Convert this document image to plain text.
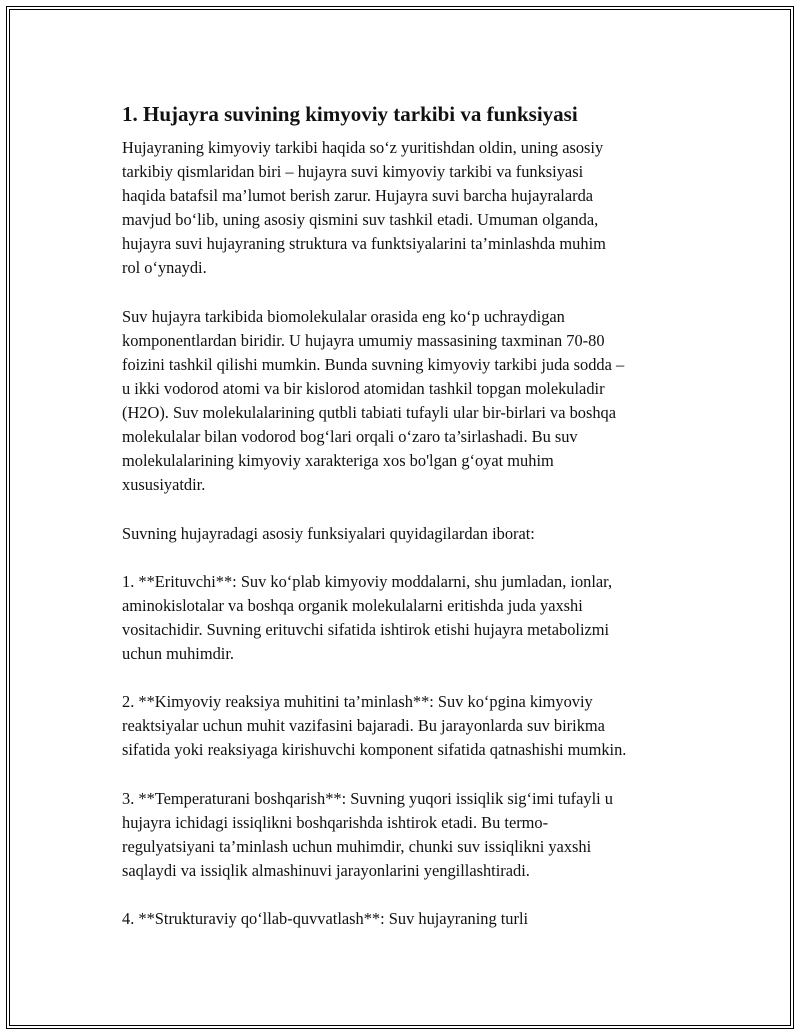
1. Hujayra suvining kimyoviy tarkibi va funksiyasi

Hujayraning kimyoviy tarkibi haqida so‘z yuritishdan oldin, uning asosiy
tarkibiy qismlaridan biri – hujayra suvi kimyoviy tarkibi va funksiyasi
haqida batafsil ma’lumot berish zarur. Hujayra suvi barcha hujayralarda
mavjud bo‘lib, uning asosiy qismini suv tashkil etadi. Umuman olganda,
hujayra suvi hujayraning struktura va funktsiyalarini ta’minlashda muhim
rol o‘ynaydi.

Suv hujayra tarkibida biomolekulalar orasida eng ko‘p uchraydigan
komponentlardan biridir. U hujayra umumiy massasining taxminan 70-80
foizini tashkil qilishi mumkin. Bunda suvning kimyoviy tarkibi juda sodda –
u ikki vodorod atomi va bir kislorod atomidan tashkil topgan molekuladir
(H2O). Suv molekulalarining qutbli tabiati tufayli ular bir-birlari va boshqa
molekulalar bilan vodorod bog‘lari orqali o‘zaro ta’sirlashadi. Bu suv
molekulalarining kimyoviy xarakteriga xos bo'lgan g‘oyat muhim
xususiyatdir.

Suvning hujayradagi asosiy funksiyalari quyidagilardan iborat:

1. **Erituvchi**: Suv ko‘plab kimyoviy moddalarni, shu jumladan, ionlar,
aminokislotalar va boshqa organik molekulalarni eritishda juda yaxshi
vositachidir. Suvning erituvchi sifatida ishtirok etishi hujayra metabolizmi
uchun muhimdir.

2. **Kimyoviy reaksiya muhitini ta’minlash**: Suv ko‘pgina kimyoviy
reaktsiyalar uchun muhit vazifasini bajaradi. Bu jarayonlarda suv birikma
sifatida yoki reaksiyaga kirishuvchi komponent sifatida qatnashishi mumkin.

3. **Temperaturani boshqarish**: Suvning yuqori issiqlik sig‘imi tufayli u
hujayra ichidagi issiqlikni boshqarishda ishtirok etadi. Bu termo-
regulyatsiyani ta’minlash uchun muhimdir, chunki suv issiqlikni yaxshi
saqlaydi va issiqlik almashinuvi jarayonlarini yengillashtiradi.

4. **Strukturaviy qo‘llab-quvvatlash**: Suv hujayraning turli
